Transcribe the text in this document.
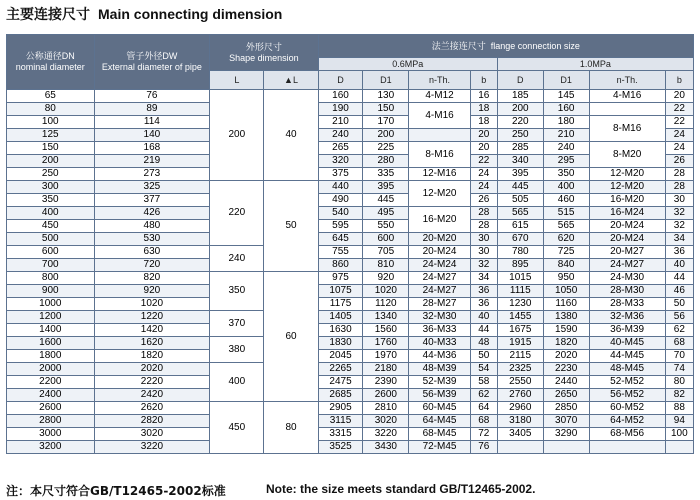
主要连接尺寸 Main connecting dimension
公称通径DN
nominal diameter	管子外径DW
External diameter of pipe	外形尺寸
Shape dimension		法兰接连尺寸 flange connection size							
				0.6MPa				1.0MPa			
		L	▲L	D	D1	n-Th.	b	D	D1	n-Th.	b
65	76	200	40	160	130	4-M12	16	185	145	4-M16	20
80	89			190	150	4-M16	18	200	160		22
100	114			210	170		18	220	180	8-M16	22
125	140			240	200		20	250	210		24
150	168			265	225	8-M16	20	285	240	8-M20	24
200	219			320	280		22	340	295		26
250	273			375	335	12-M16	24	395	350	12-M20	28
300	325	220	50	440	395	12-M20	24	445	400	12-M20	28
350	377			490	445		26	505	460	16-M20	30
400	426			540	495	16-M20	28	565	515	16-M24	32
450	480			595	550		28	615	565	20-M24	32
500	530			645	600	20-M20	30	670	620	20-M24	34
600	630	240		755	705	20-M24	30	780	725	20-M27	36
700	720			860	810	24-M24	32	895	840	24-M27	40
800	820	350	60	975	920	24-M27	34	1015	950	24-M30	44
900	920			1075	1020	24-M27	36	1115	1050	28-M30	46
1000	1020			1175	1120	28-M27	36	1230	1160	28-M33	50
1200	1220	370		1405	1340	32-M30	40	1455	1380	32-M36	56
1400	1420			1630	1560	36-M33	44	1675	1590	36-M39	62
1600	1620	380		1830	1760	40-M33	48	1915	1820	40-M45	68
1800	1820			2045	1970	44-M36	50	2115	2020	44-M45	70
2000	2020	400		2265	2180	48-M39	54	2325	2230	48-M45	74
2200	2220			2475	2390	52-M39	58	2550	2440	52-M52	80
2400	2420			2685	2600	56-M39	62	2760	2650	56-M52	82
2600	2620	450	80	2905	2810	60-M45	64	2960	2850	60-M52	88
2800	2820			3115	3020	64-M45	68	3180	3070	64-M52	94
3000	3020			3315	3220	68-M45	72	3405	3290	68-M56	100
3200	3220			3525	3430	72-M45	76				
注：本尺寸符合GB/T12465-2002标准	Note: the size meets standard GB/T12465-2002.
